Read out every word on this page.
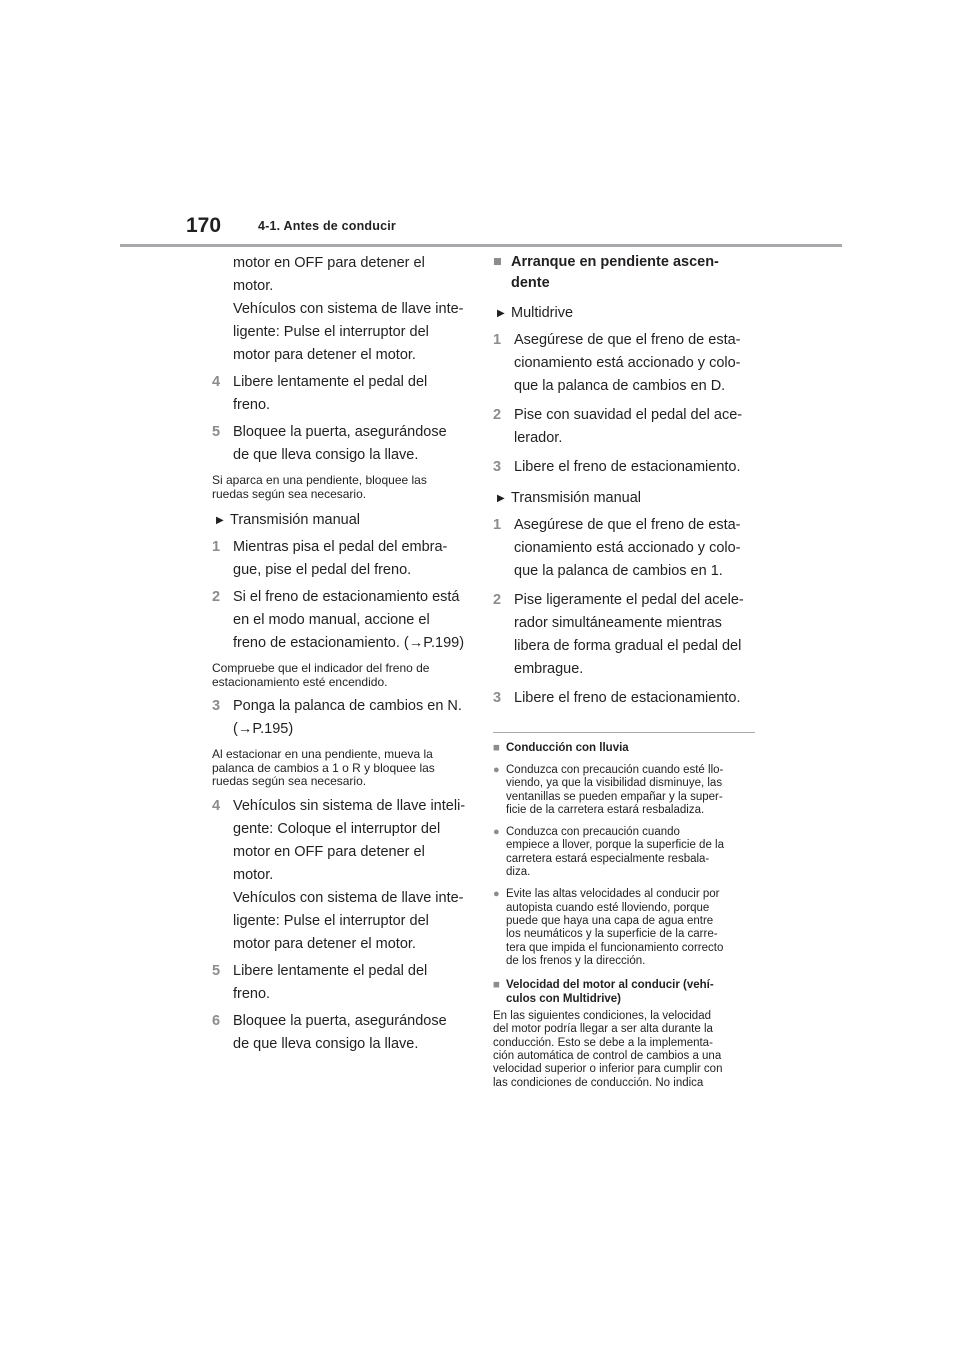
170	4-1. Antes de conducir
motor en OFF para detener el
motor.
Vehículos con sistema de llave inte-
ligente: Pulse el interruptor del
motor para detener el motor.
4 Libere lentamente el pedal del
freno.
5 Bloquee la puerta, asegurándose
de que lleva consigo la llave.
Si aparca en una pendiente, bloquee las
ruedas según sea necesario.
▶ Transmisión manual
1 Mientras pisa el pedal del embra-
gue, pise el pedal del freno.
2 Si el freno de estacionamiento está
en el modo manual, accione el
freno de estacionamiento. (→P.199)
Compruebe que el indicador del freno de
estacionamiento esté encendido.
3 Ponga la palanca de cambios en N.
(→P.195)
Al estacionar en una pendiente, mueva la
palanca de cambios a 1 o R y bloquee las
ruedas según sea necesario.
4 Vehículos sin sistema de llave inteli-
gente: Coloque el interruptor del
motor en OFF para detener el
motor.
Vehículos con sistema de llave inte-
ligente: Pulse el interruptor del
motor para detener el motor.
5 Libere lentamente el pedal del
freno.
6 Bloquee la puerta, asegurándose
de que lleva consigo la llave.
■ Arranque en pendiente ascen-
dente
▶ Multidrive
1 Asegúrese de que el freno de esta-
cionamiento está accionado y colo-
que la palanca de cambios en D.
2 Pise con suavidad el pedal del ace-
lerador.
3 Libere el freno de estacionamiento.
▶ Transmisión manual
1 Asegúrese de que el freno de esta-
cionamiento está accionado y colo-
que la palanca de cambios en 1.
2 Pise ligeramente el pedal del acele-
rador simultáneamente mientras
libera de forma gradual el pedal del
embrague.
3 Libere el freno de estacionamiento.
■ Conducción con lluvia
● Conduzca con precaución cuando esté llo-
viendo, ya que la visibilidad disminuye, las
ventanillas se pueden empañar y la super-
ficie de la carretera estará resbaladiza.
● Conduzca con precaución cuando
empiece a llover, porque la superficie de la
carretera estará especialmente resbala-
diza.
● Evite las altas velocidades al conducir por
autopista cuando esté lloviendo, porque
puede que haya una capa de agua entre
los neumáticos y la superficie de la carre-
tera que impida el funcionamiento correcto
de los frenos y la dirección.
■ Velocidad del motor al conducir (vehí-
culos con Multidrive)
En las siguientes condiciones, la velocidad
del motor podría llegar a ser alta durante la
conducción. Esto se debe a la implementa-
ción automática de control de cambios a una
velocidad superior o inferior para cumplir con
las condiciones de conducción. No indica
